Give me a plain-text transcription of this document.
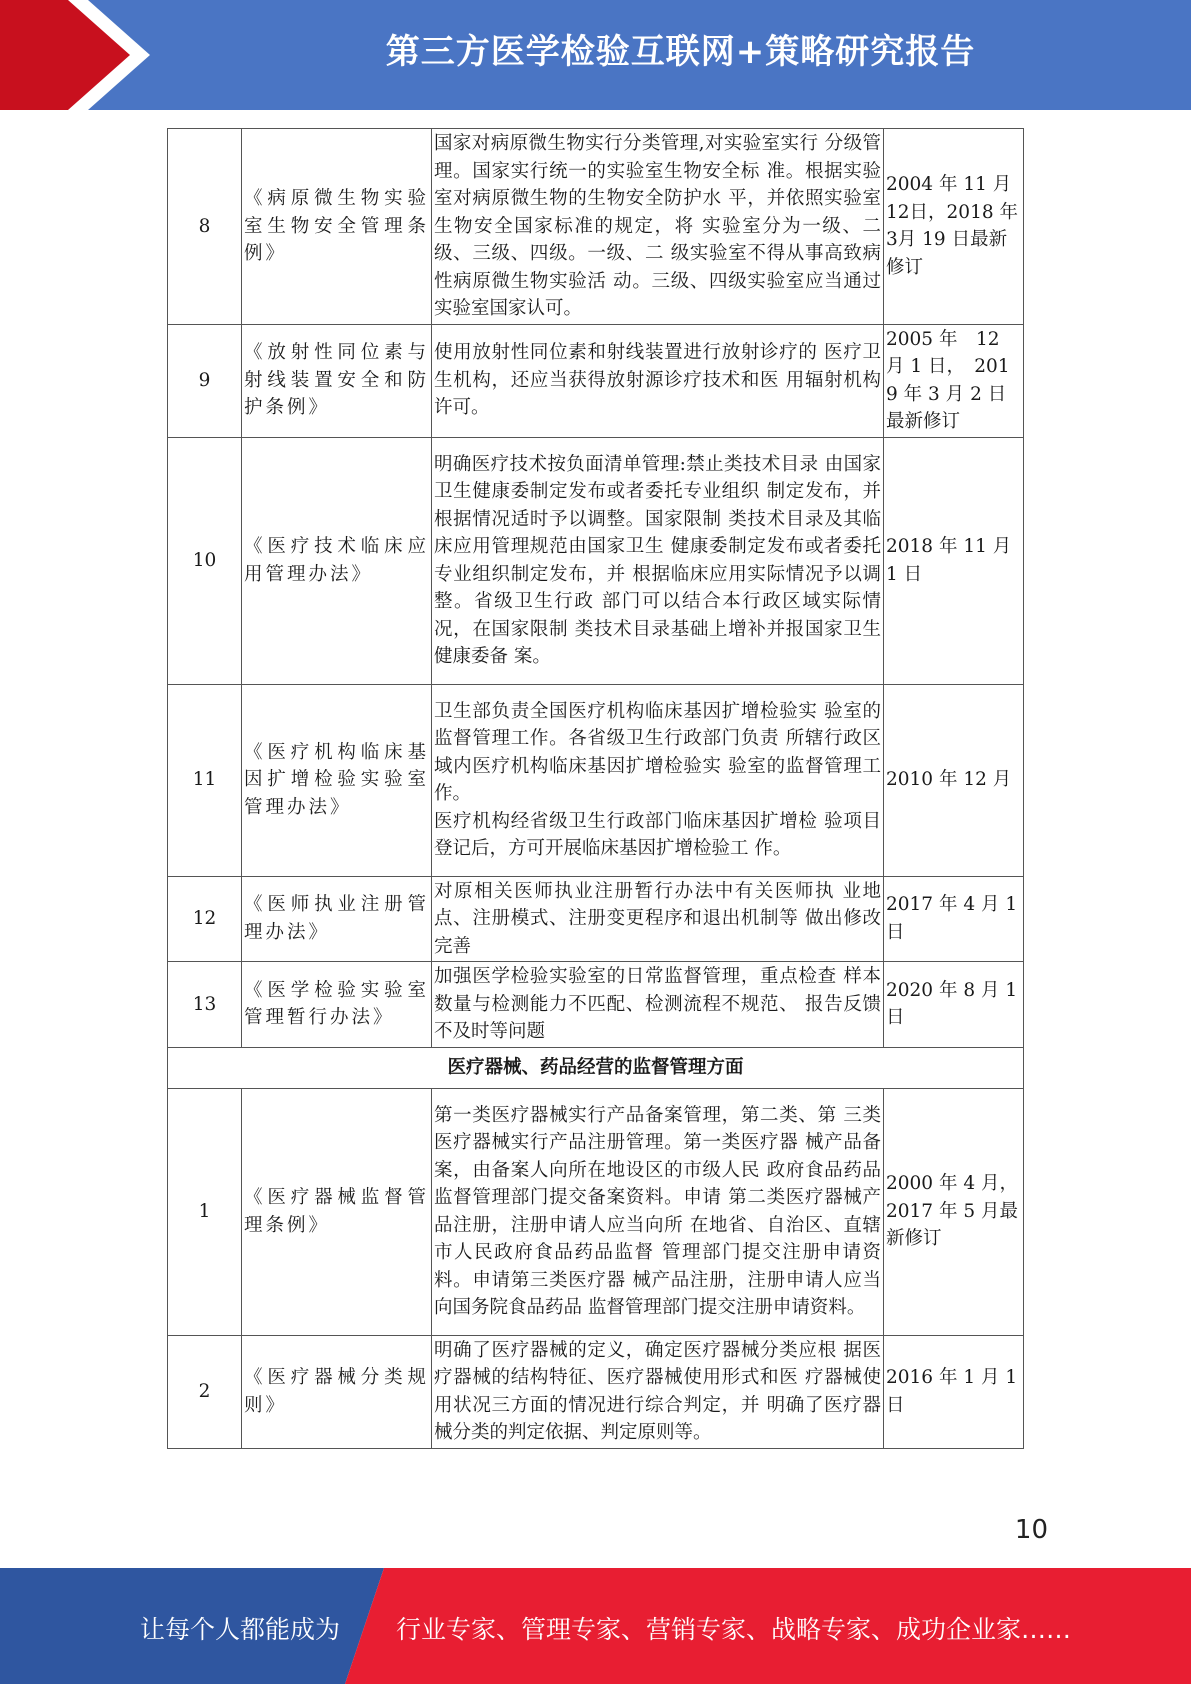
第三方医学检验互联网+策略研究报告
8	《病原微生物实验室生物安全管理条例》	国家对病原微生物实行分类管理,对实验室实行 分级管理。国家实行统一的实验室生物安全标 准。根据实验室对病原微生物的生物安全防护水 平，并依照实验室生物安全国家标准的规定，将 实验室分为一级、二级、三级、四级。一级、二 级实验室不得从事高致病性病原微生物实验活 动。三级、四级实验室应当通过实验室国家认可。	2004 年 11 月12日，2018 年 3月 19 日最新修订
9	《放射性同位素与射线装置安全和防护条例》	使用放射性同位素和射线装置进行放射诊疗的 医疗卫生机构，还应当获得放射源诊疗技术和医 用辐射机构许可。	2005 年　12 月 1 日，　2019 年 3 月 2 日最新修订
10	《医疗技术临床应用管理办法》	明确医疗技术按负面清单管理:禁止类技术目录 由国家卫生健康委制定发布或者委托专业组织 制定发布，并根据情况适时予以调整。国家限制 类技术目录及其临床应用管理规范由国家卫生 健康委制定发布或者委托专业组织制定发布，并 根据临床应用实际情况予以调整。省级卫生行政 部门可以结合本行政区域实际情况，在国家限制 类技术目录基础上增补并报国家卫生健康委备 案。	2018 年 11 月 1 日
11	《医疗机构临床基因扩增检验实验室管理办法》	卫生部负责全国医疗机构临床基因扩增检验实 验室的监督管理工作。各省级卫生行政部门负责 所辖行政区域内医疗机构临床基因扩增检验实 验室的监督管理工作。
医疗机构经省级卫生行政部门临床基因扩增检 验项目登记后，方可开展临床基因扩增检验工 作。	2010 年 12 月
12	《医师执业注册管理办法》	对原相关医师执业注册暂行办法中有关医师执 业地点、注册模式、注册变更程序和退出机制等 做出修改完善	2017 年 4 月 1 日
13	《医学检验实验室管理暂行办法》	加强医学检验实验室的日常监督管理，重点检查 样本数量与检测能力不匹配、检测流程不规范、 报告反馈不及时等问题	2020 年 8 月 1 日
医疗器械、药品经营的监督管理方面			
1	《医疗器械监督管理条例》	第一类医疗器械实行产品备案管理，第二类、第 三类医疗器械实行产品注册管理。第一类医疗器 械产品备案，由备案人向所在地设区的市级人民 政府食品药品监督管理部门提交备案资料。申请 第二类医疗器械产品注册，注册申请人应当向所 在地省、自治区、直辖市人民政府食品药品监督 管理部门提交注册申请资料。申请第三类医疗器 械产品注册，注册申请人应当向国务院食品药品 监督管理部门提交注册申请资料。	2000 年 4 月，2017 年 5 月最新修订
2	《医疗器械分类规则》	明确了医疗器械的定义，确定医疗器械分类应根 据医疗器械的结构特征、医疗器械使用形式和医 疗器械使用状况三方面的情况进行综合判定，并 明确了医疗器械分类的判定依据、判定原则等。	2016 年 1 月 1 日
10
让每个人都能成为 行业专家、管理专家、营销专家、战略专家、成功企业家……
